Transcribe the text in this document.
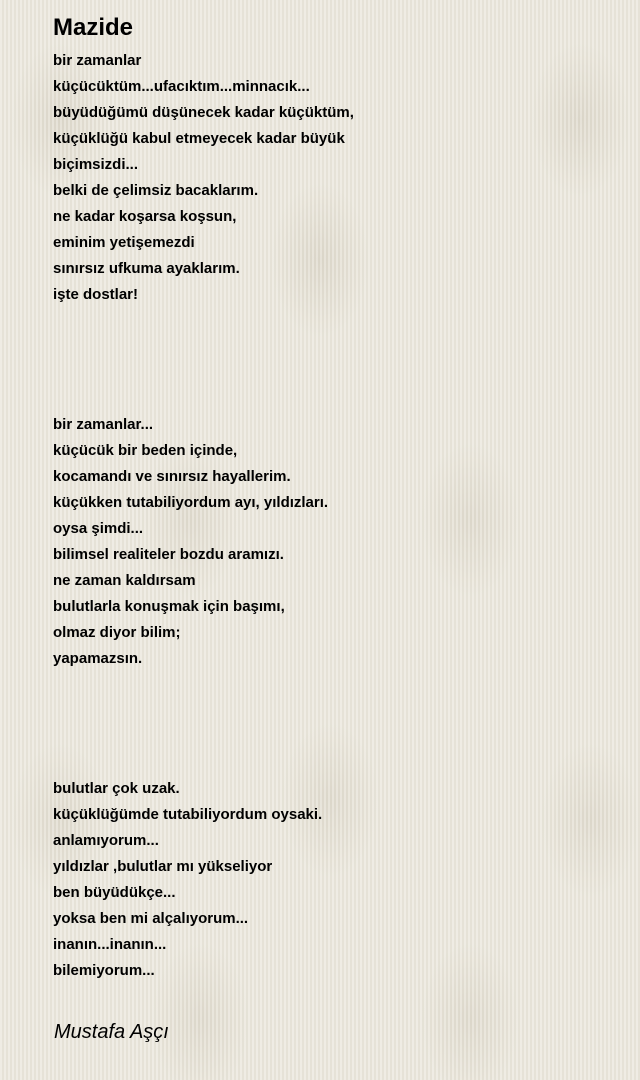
Mazide
bir zamanlar
küçücüktüm...ufacıktım...minnacık...
büyüdüğümü düşünecek kadar küçüktüm,
küçüklüğü kabul etmeyecek kadar büyük
biçimsizdi...
belki de çelimsiz bacaklarım.
ne kadar koşarsa koşsun,
eminim yetişemezdi
sınırsız ufkuma ayaklarım.
işte dostlar!
bir zamanlar...
küçücük bir beden içinde,
kocamandı ve sınırsız hayallerim.
küçükken tutabiliyordum ayı, yıldızları.
oysa şimdi...
bilimsel realiteler bozdu aramızı.
ne zaman kaldırsam
bulutlarla konuşmak için başımı,
olmaz diyor bilim;
yapamazsın.
bulutlar çok uzak.
küçüklüğümde tutabiliyordum oysaki.
anlamıyorum...
yıldızlar ,bulutlar mı yükseliyor
ben büyüdükçe...
yoksa ben mi alçalıyorum...
inanın...inanın...
bilemiyorum...
Mustafa Aşçı
